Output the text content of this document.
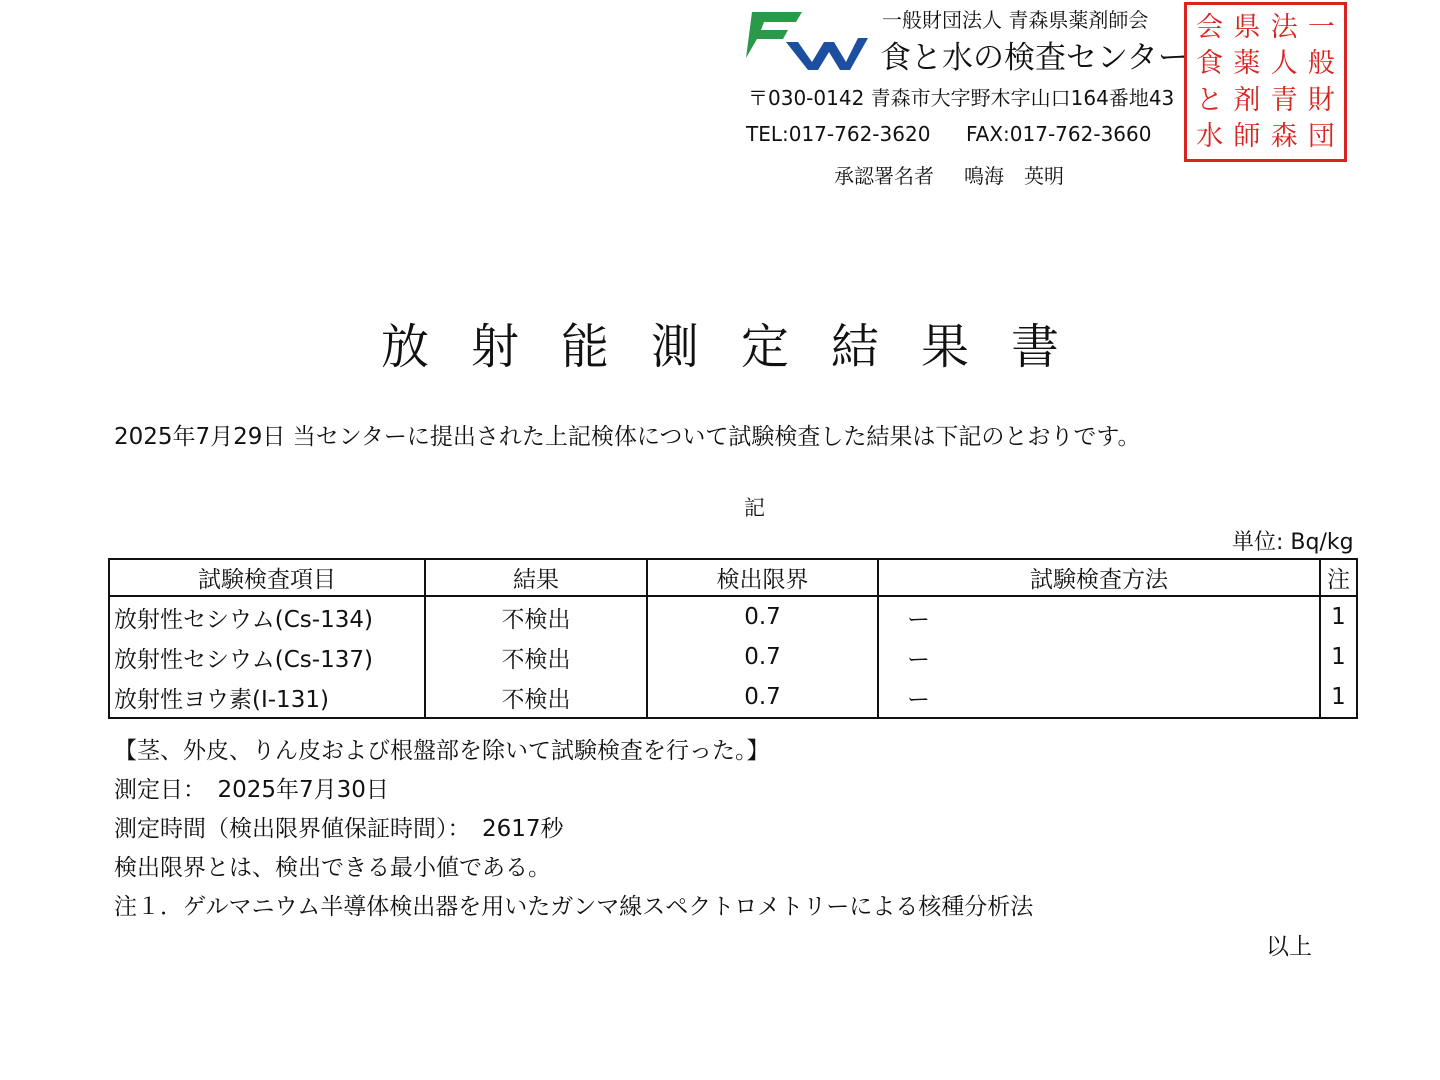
一般財団法人 青森県薬剤師会
食と水の検査センター
〒030-0142 青森市大字野木字山口164番地43
TEL:017-762-3620 FAX:017-762-3660
承認署名者 鳴海　英明
会 県 法 一
食 薬 人 般
と 剤 青 財
水 師 森 団
放射能測定結果書
2025年7月29日 当センターに提出された上記検体について試験検査した結果は下記のとおりです。
記
単位: Bq/kg
試験検査項目	結果	検出限界	試験検査方法	注
放射性セシウム(Cs-134)	不検出	0.7	ー	1
放射性セシウム(Cs-137)	不検出	0.7	ー	1
放射性ヨウ素(I-131)	不検出	0.7	ー	1
【茎、外皮、りん皮および根盤部を除いて試験検査を行った。】
測定日：　2025年7月30日
測定時間（検出限界値保証時間）：　2617秒
検出限界とは、検出できる最小値である。
注１．ゲルマニウム半導体検出器を用いたガンマ線スペクトロメトリーによる核種分析法
以上
